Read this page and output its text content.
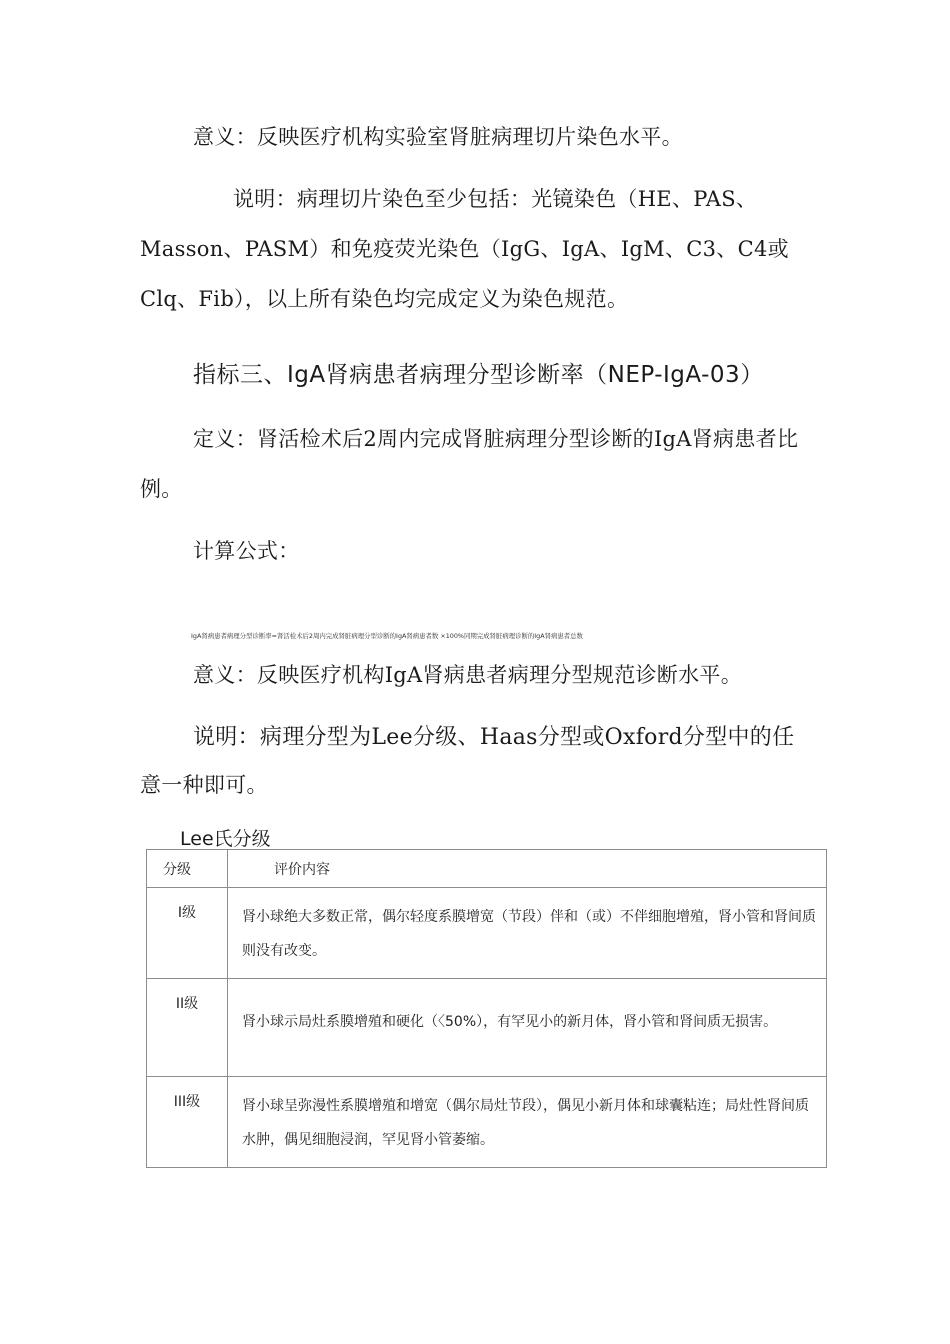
意义：反映医疗机构实验室肾脏病理切片染色水平。
说明：病理切片染色至少包括：光镜染色（HE、PAS、
Masson、PASM）和免疫荧光染色（IgG、IgA、IgM、C3、C4或
Clq、Fib），以上所有染色均完成定义为染色规范。
指标三、IgA肾病患者病理分型诊断率（NEP-IgA-03）
定义：肾活检术后2周内完成肾脏病理分型诊断的IgA肾病患者比
例。
计算公式：
IgA肾病患者病理分型诊断率=肾活检术后2周内完成肾脏病理分型诊断的IgA肾病患者数 ×100%同期完成肾脏病理诊断的IgA肾病患者总数
意义：反映医疗机构IgA肾病患者病理分型规范诊断水平。
说明：病理分型为Lee分级、Haas分型或Oxford分型中的任
意一种即可。
Lee氏分级
分级	评价内容
I级	肾小球绝大多数正常，偶尔轻度系膜增宽（节段）伴和（或）不伴细胞增殖，肾小管和肾间质则没有改变。
II级	肾小球示局灶系膜增殖和硬化（〈50%），有罕见小的新月体，肾小管和肾间质无损害。
III级	肾小球呈弥漫性系膜增殖和增宽（偶尔局灶节段），偶见小新月体和球囊粘连；局灶性肾间质水肿，偶见细胞浸润，罕见肾小管萎缩。
